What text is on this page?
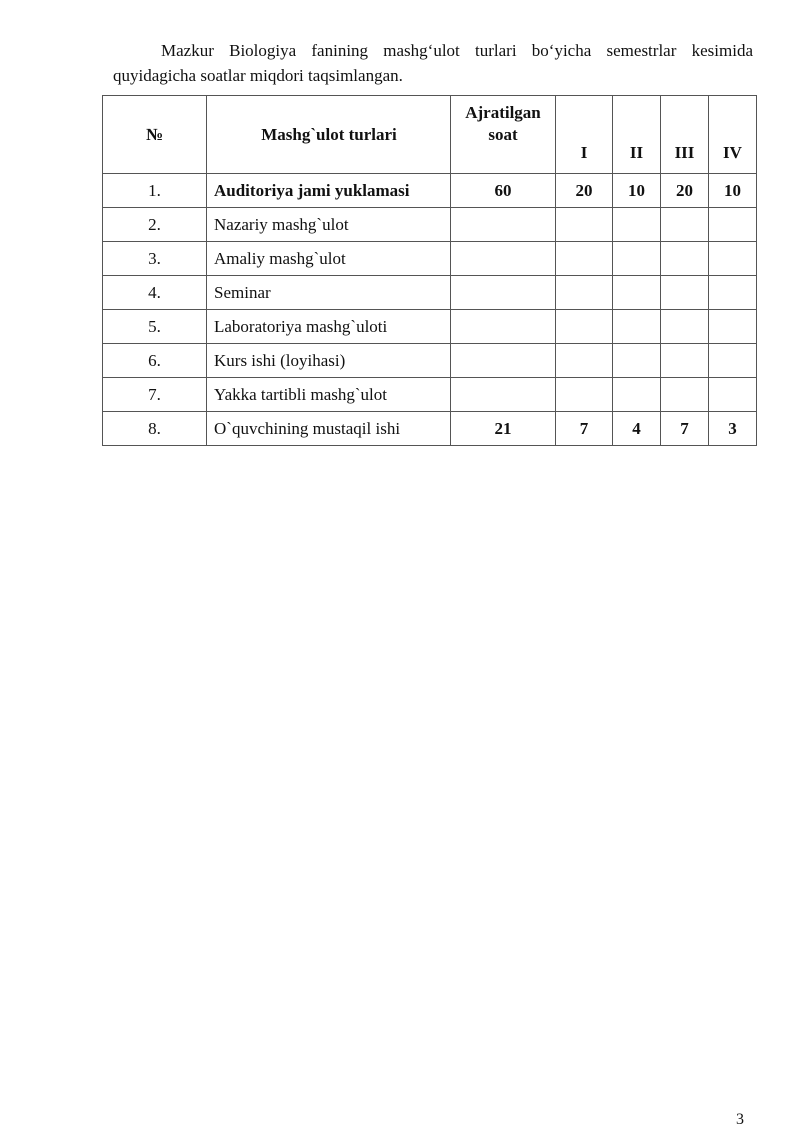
Mazkur Biologiya fanining mashg‘ulot turlari bo‘yicha semestrlar kesimida quyidagicha soatlar miqdori taqsimlangan.

№	Mashg`ulot turlari	Ajratilgan soat	I	II	III	IV
1.	Auditoriya jami yuklamasi	60	20	10	20	10
2.	Nazariy mashg`ulot					
3.	Amaliy mashg`ulot					
4.	Seminar					
5.	Laboratoriya mashg`uloti					
6.	Kurs ishi (loyihasi)					
7.	Yakka tartibli mashg`ulot					
8.	O`quvchining mustaqil ishi	21	7	4	7	3
3
